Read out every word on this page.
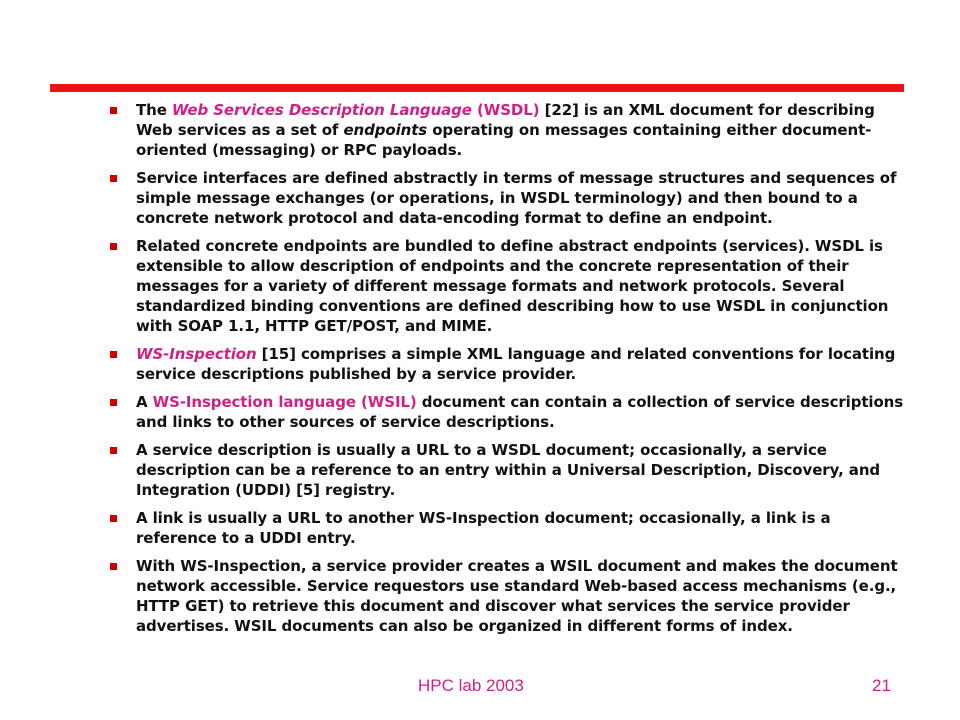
The Web Services Description Language (WSDL) [22] is an XML document for describing Web services as a set of endpoints operating on messages containing either document-oriented (messaging) or RPC payloads.
Service interfaces are defined abstractly in terms of message structures and sequences of simple message exchanges (or operations, in WSDL terminology) and then bound to a concrete network protocol and data-encoding format to define an endpoint.
Related concrete endpoints are bundled to define abstract endpoints (services). WSDL is extensible to allow description of endpoints and the concrete representation of their messages for a variety of different message formats and network protocols. Several standardized binding conventions are defined describing how to use WSDL in conjunction with SOAP 1.1, HTTP GET/POST, and MIME.
WS-Inspection [15] comprises a simple XML language and related conventions for locating service descriptions published by a service provider.
A WS-Inspection language (WSIL) document can contain a collection of service descriptions and links to other sources of service descriptions.
A service description is usually a URL to a WSDL document; occasionally, a service description can be a reference to an entry within a Universal Description, Discovery, and Integration (UDDI) [5] registry.
A link is usually a URL to another WS-Inspection document; occasionally, a link is a reference to a UDDI entry.
With WS-Inspection, a service provider creates a WSIL document and makes the document network accessible. Service requestors use standard Web-based access mechanisms (e.g., HTTP GET) to retrieve this document and discover what services the service provider advertises. WSIL documents can also be organized in different forms of index.
HPC lab 2003	21
